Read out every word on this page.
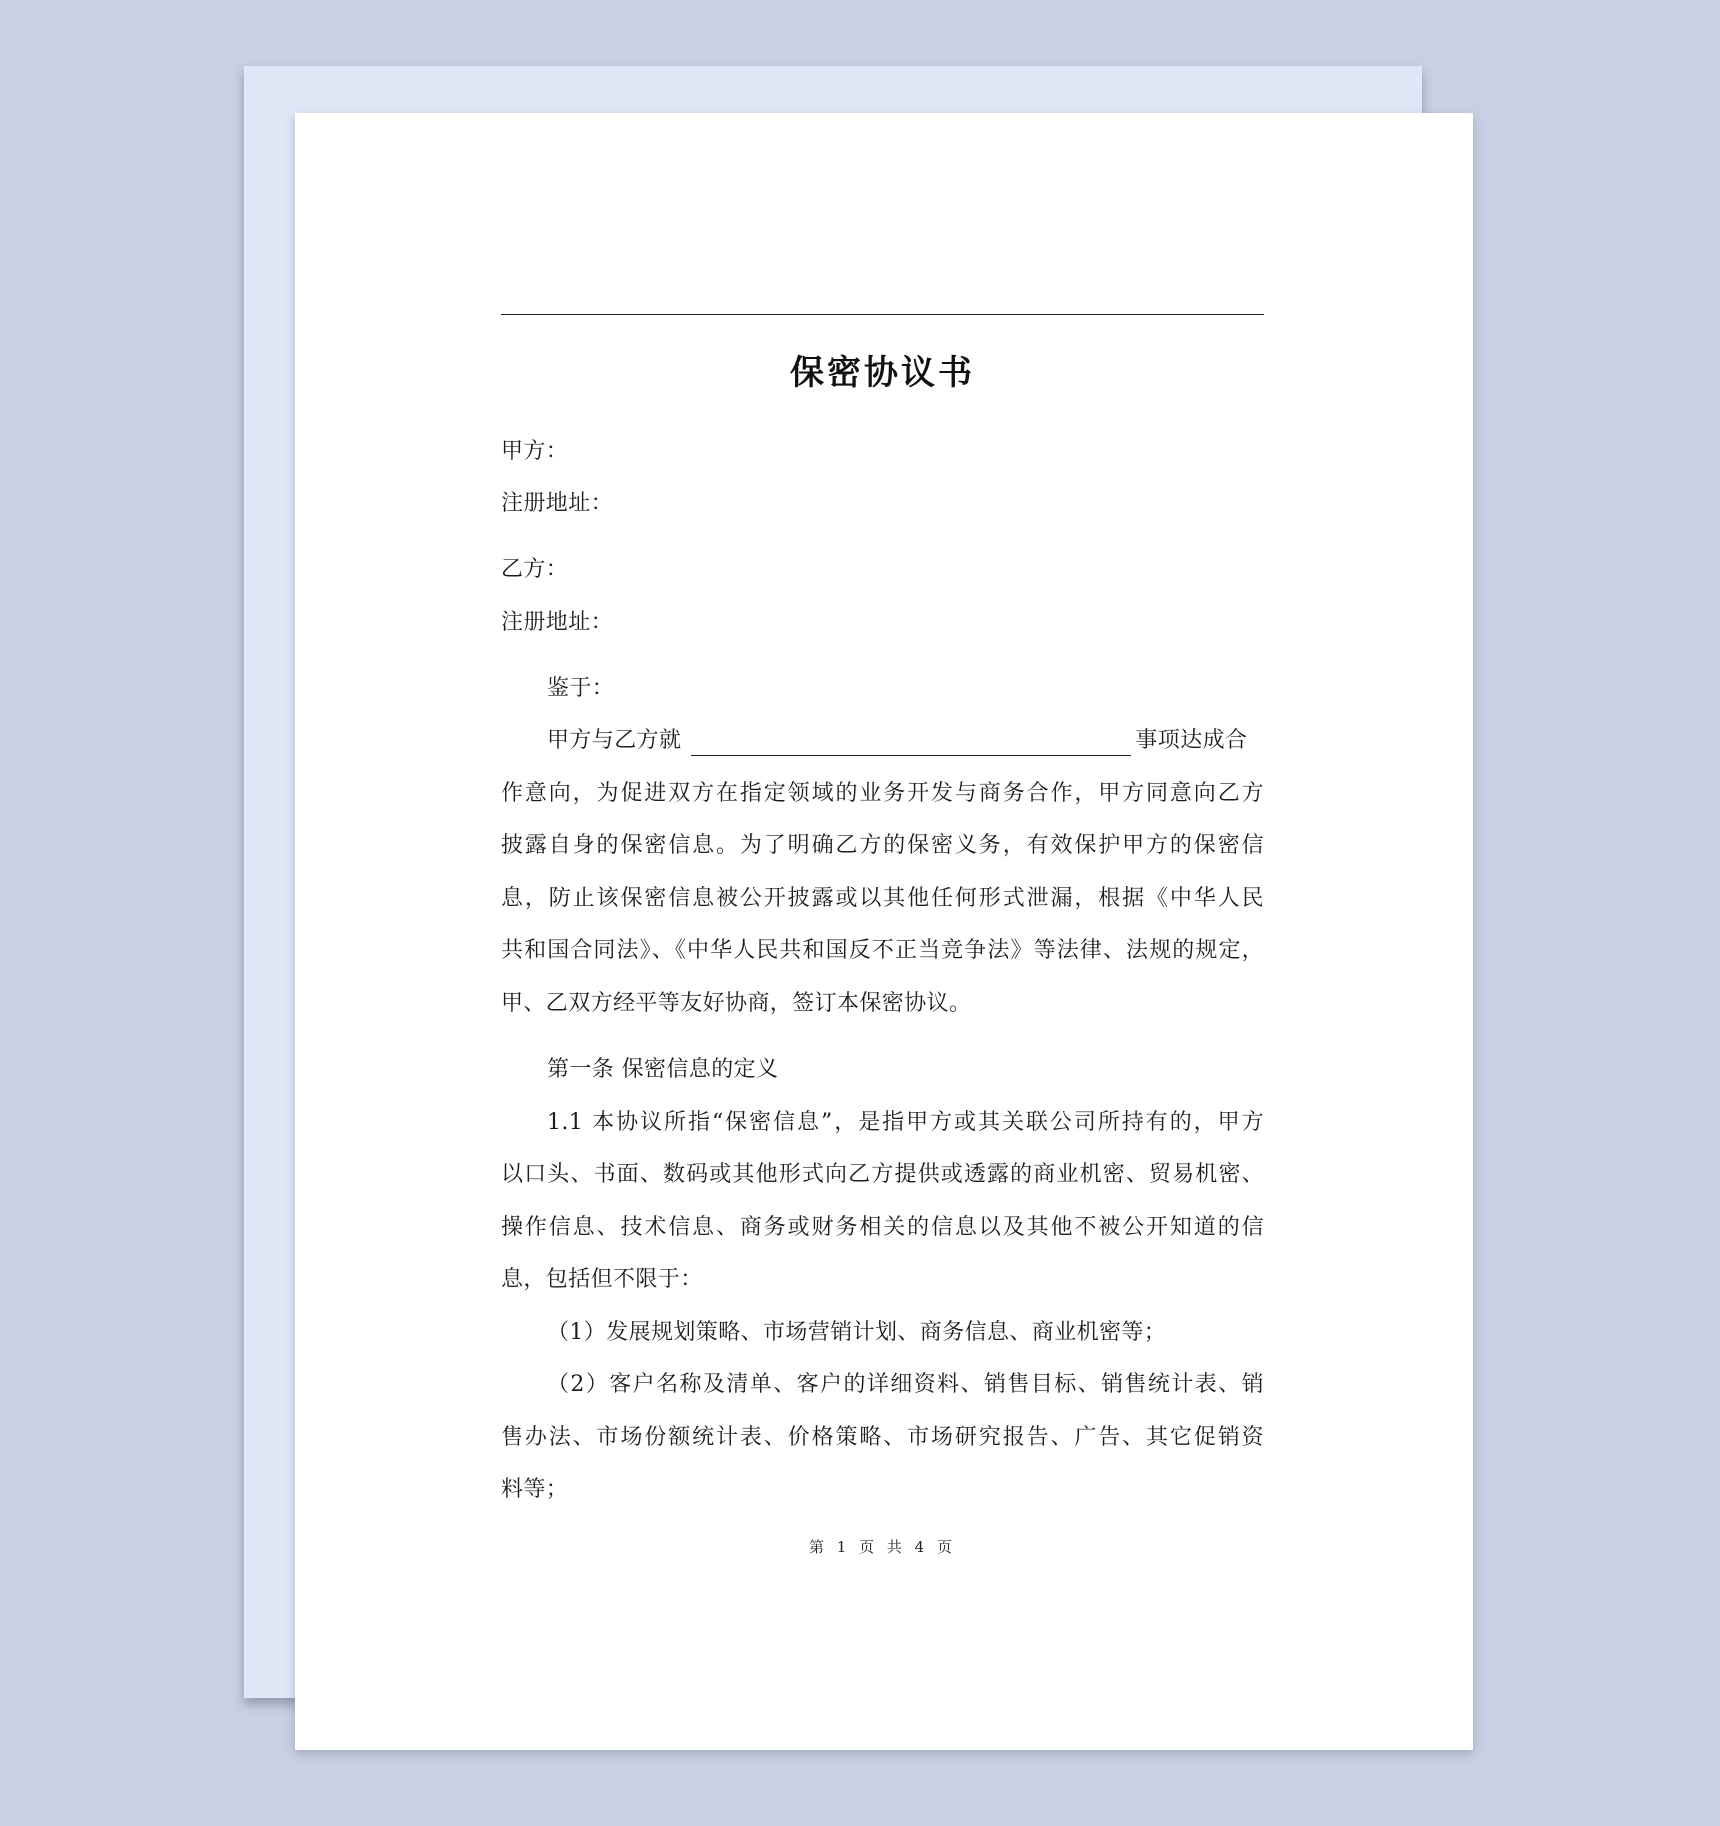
保密协议书
甲方：
注册地址：
乙方：
注册地址：
鉴于：
甲方与乙方就	事项达成合
作意向，为促进双方在指定领域的业务开发与商务合作，甲方同意向乙方
披露自身的保密信息。为了明确乙方的保密义务，有效保护甲方的保密信
息，防止该保密信息被公开披露或以其他任何形式泄漏，根据《中华人民
共和国合同法》、《中华人民共和国反不正当竞争法》等法律、法规的规定，
甲、乙双方经平等友好协商，签订本保密协议。
第一条 保密信息的定义
1.1 本协议所指“保密信息”，是指甲方或其关联公司所持有的，甲方
以口头、书面、数码或其他形式向乙方提供或透露的商业机密、贸易机密、
操作信息、技术信息、商务或财务相关的信息以及其他不被公开知道的信
息，包括但不限于：
（1）发展规划策略、市场营销计划、商务信息、商业机密等；
（2）客户名称及清单、客户的详细资料、销售目标、销售统计表、销
售办法、市场份额统计表、价格策略、市场研究报告、广告、其它促销资
料等；
第 1 页 共 4 页
